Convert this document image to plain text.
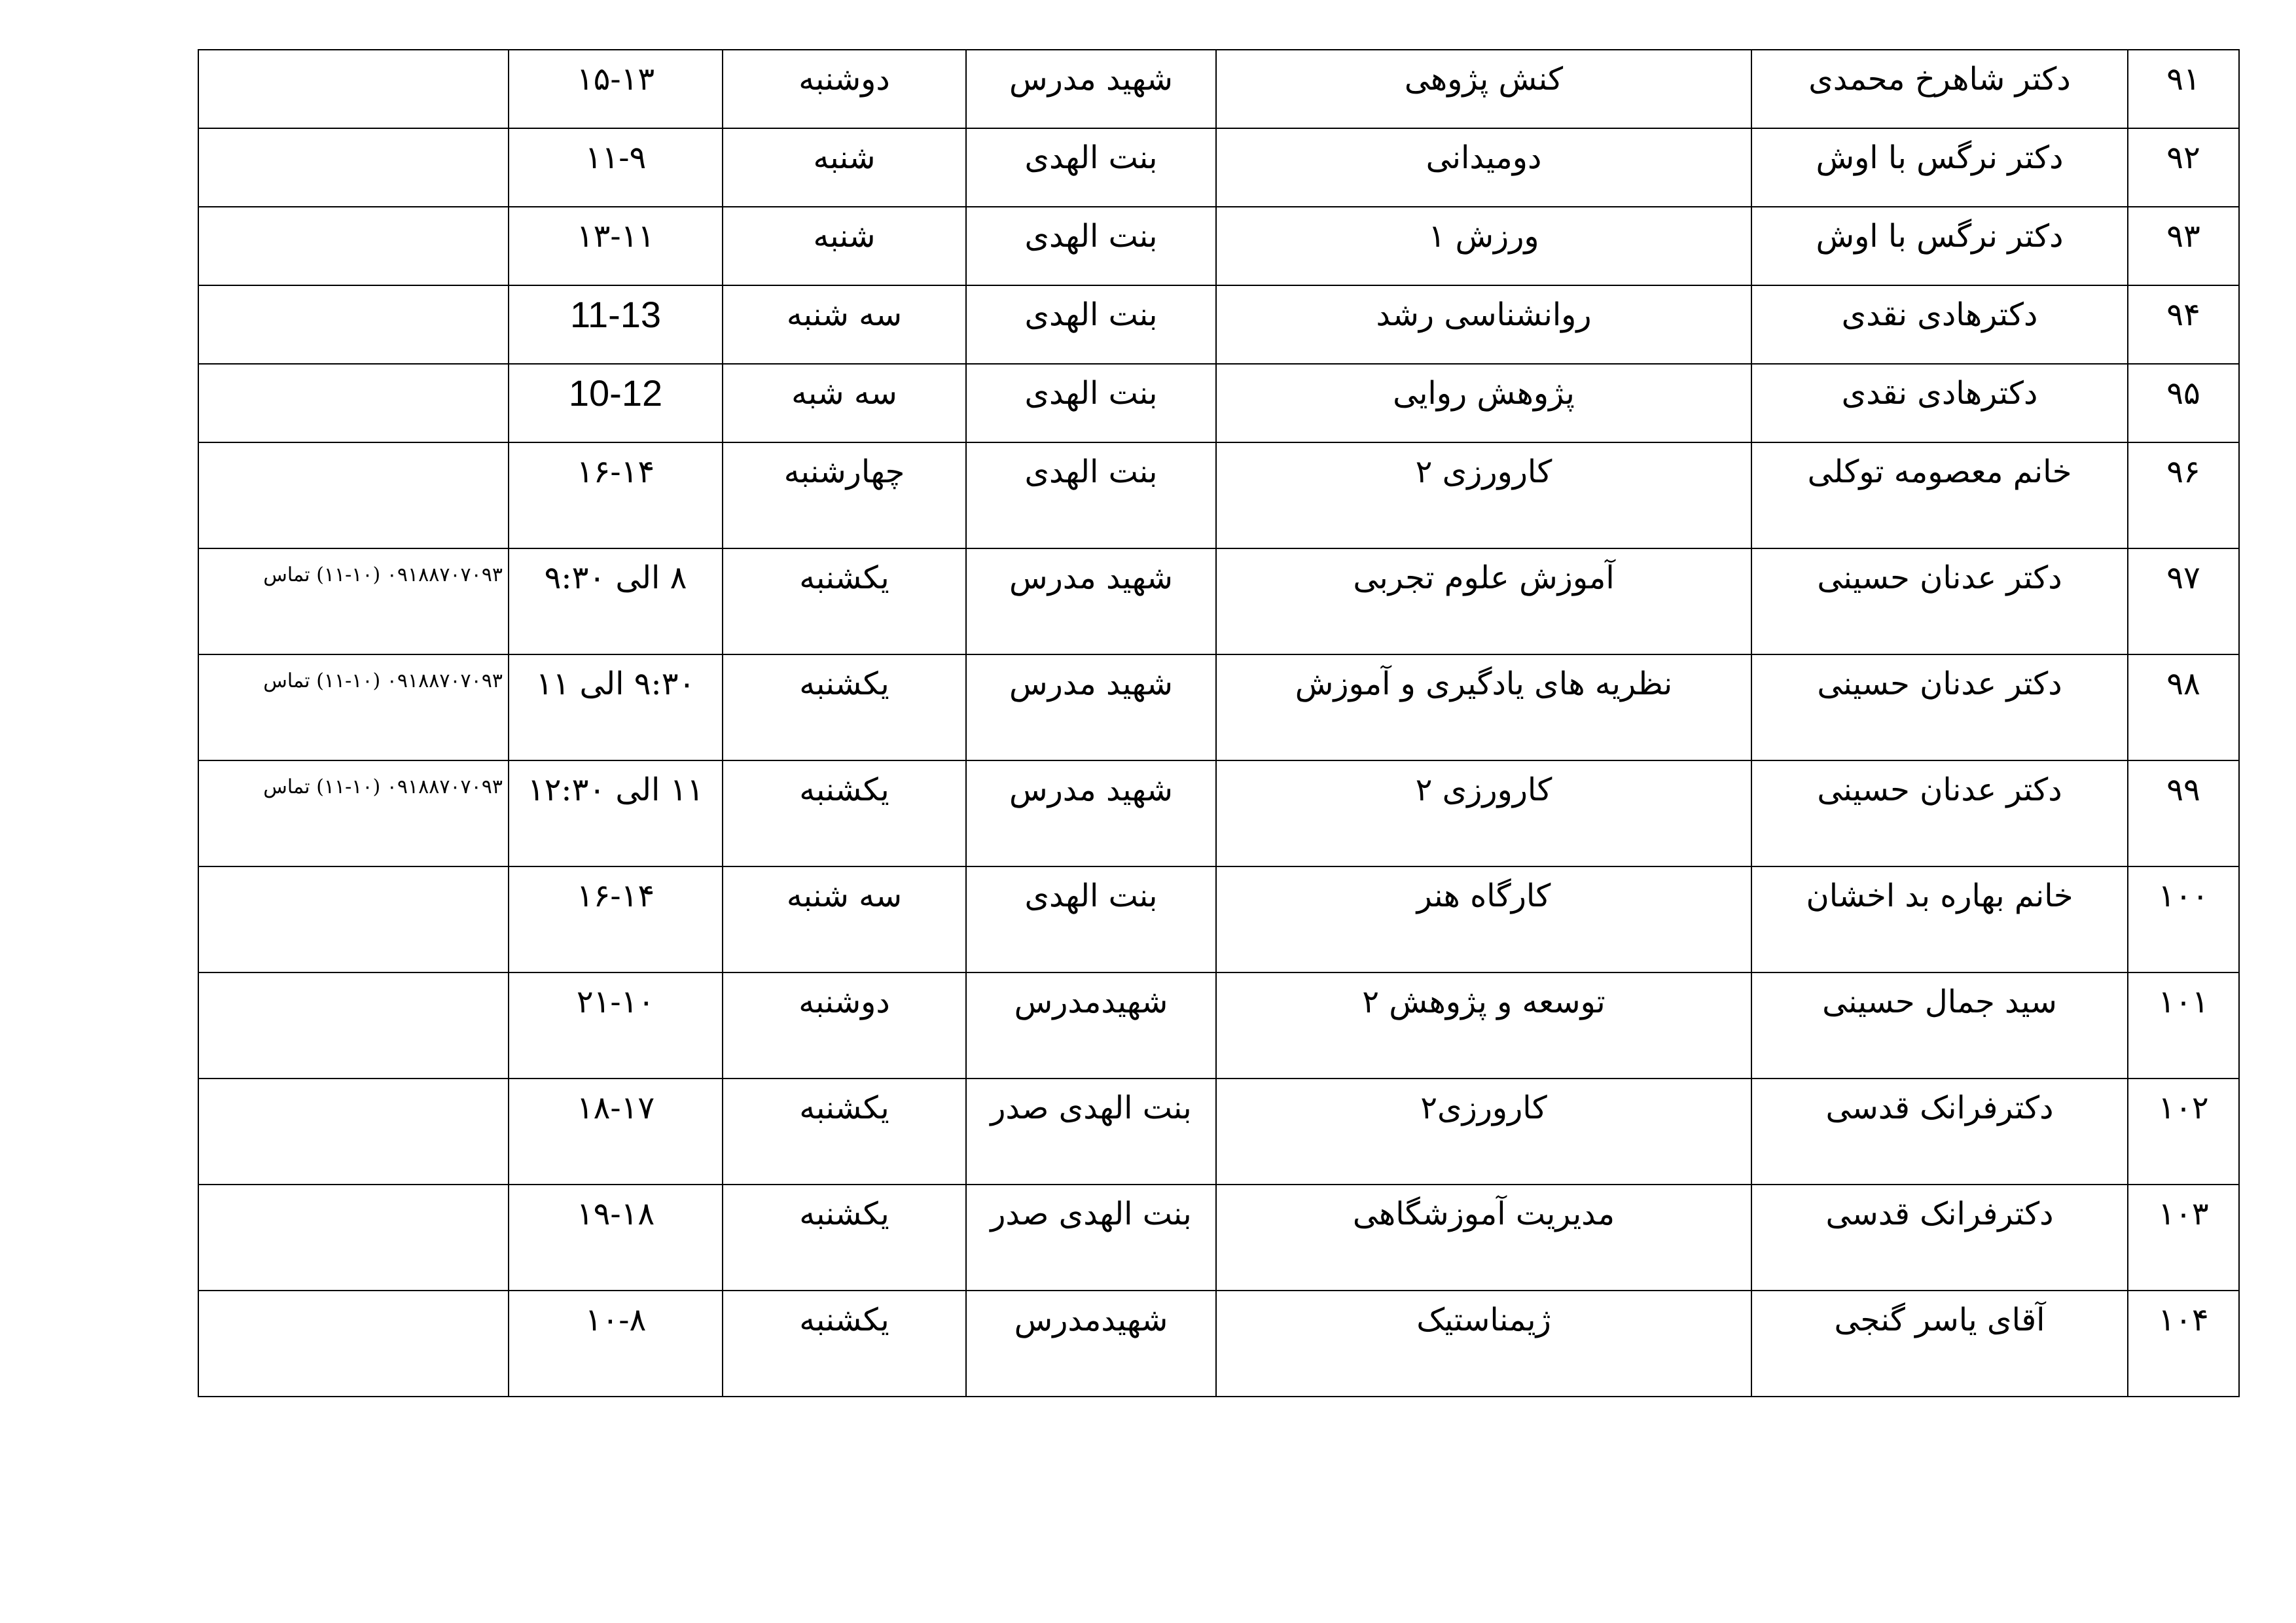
۹۱	دکتر شاهرخ محمدی	کنش پژوهی	شهید مدرس	دوشنبه	۱۵-۱۳	
۹۲	دکتر نرگس با اوش	دومیدانی	بنت الهدی	شنبه	۱۱-۹	
۹۳	دکتر نرگس با اوش	ورزش ۱	بنت الهدی	شنبه	۱۳-۱۱	
۹۴	دکترهادی نقدی	روانشناسی رشد	بنت الهدی	سه شنبه	11-13	
۹۵	دکترهادی نقدی	پژوهش روایی	بنت الهدی	سه شبه	10-12	
۹۶	خانم معصومه توکلی	کارورزی ۲	بنت الهدی	چهارشنبه	۱۶-۱۴	
۹۷	دکتر عدنان حسینی	آموزش علوم تجربی	شهید مدرس	یکشنبه	۸ الی ۹:۳۰	۰۹۱۸۸۷۰۷۰۹۳ (۱۱-۱۰) تماس
۹۸	دکتر عدنان حسینی	نظریه های یادگیری و آموزش	شهید مدرس	یکشنبه	۹:۳۰ الی ۱۱	۰۹۱۸۸۷۰۷۰۹۳ (۱۱-۱۰) تماس
۹۹	دکتر عدنان حسینی	کارورزی ۲	شهید مدرس	یکشنبه	۱۱ الی ۱۲:۳۰	۰۹۱۸۸۷۰۷۰۹۳ (۱۱-۱۰) تماس
۱۰۰	خانم بهاره بد اخشان	کارگاه هنر	بنت الهدی	سه شنبه	۱۶-۱۴	
۱۰۱	سید جمال حسینی	توسعه و پژوهش ۲	شهیدمدرس	دوشنبه	۲۱-۱۰	
۱۰۲	دکترفرانک قدسی	کارورزی۲	بنت الهدی صدر	یکشنبه	۱۸-۱۷	
۱۰۳	دکترفرانک قدسی	مدیریت آموزشگاهی	بنت الهدی صدر	یکشنبه	۱۹-۱۸	
۱۰۴	آقای یاسر گنجی	ژیمناستیک	شهیدمدرس	یکشنبه	۱۰-۸	
